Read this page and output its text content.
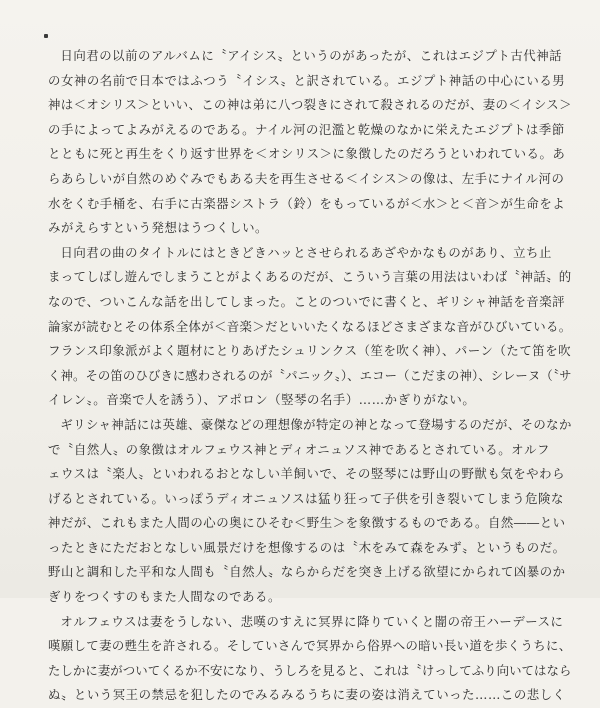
日向君の以前のアルバムに〝アイシス〟というのがあったが、これはエジプト古代神話
の女神の名前で日本ではふつう〝イシス〟と訳されている。エジプト神話の中心にいる男
神は＜オシリス＞といい、この神は弟に八つ裂きにされて殺されるのだが、妻の＜イシス＞
の手によってよみがえるのである。ナイル河の氾濫と乾燥のなかに栄えたエジプトは季節
とともに死と再生をくり返す世界を＜オシリス＞に象徴したのだろうといわれている。あ
らあらしいが自然のめぐみでもある夫を再生させる＜イシス＞の像は、左手にナイル河の
水をくむ手桶を、右手に古楽器シストラ（鈴）をもっているが＜水＞と＜音＞が生命をよ
みがえらすという発想はうつくしい。
日向君の曲のタイトルにはときどきハッとさせられるあざやかなものがあり、立ち止
まってしばし遊んでしまうことがよくあるのだが、こういう言葉の用法はいわば〝神話〟的
なので、ついこんな話を出してしまった。ことのついでに書くと、ギリシャ神話を音楽評
論家が読むとその体系全体が＜音楽＞だといいたくなるほどさまざまな音がひびいている。
フランス印象派がよく題材にとりあげたシュリンクス（笙を吹く神）、パーン（たて笛を吹
く神。その笛のひびきに感わされるのが〝パニック〟）、エコー（こだまの神）、シレーヌ（〝サ
イレン〟。音楽で人を誘う）、アポロン（竪琴の名手）……かぎりがない。
ギリシャ神話には英雄、豪傑などの理想像が特定の神となって登場するのだが、そのなか
で〝自然人〟の象徴はオルフェウス神とディオニュソス神であるとされている。オルフ
ェウスは〝楽人〟といわれるおとなしい羊飼いで、その竪琴には野山の野獣も気をやわら
げるとされている。いっぽうディオニュソスは猛り狂って子供を引き裂いてしまう危険な
神だが、これもまた人間の心の奥にひそむ＜野生＞を象徴するものである。自然――とい
ったときにただおとなしい風景だけを想像するのは〝木をみて森をみず〟というものだ。
野山と調和した平和な人間も〝自然人〟ならからだを突き上げる欲望にかられて凶暴のか
ぎりをつくすのもまた人間なのである。
オルフェウスは妻をうしない、悲嘆のすえに冥界に降りていくと闇の帝王ハーデースに
嘆願して妻の甦生を許される。そしていさんで冥界から俗界への暗い長い道を歩くうちに、
たしかに妻がついてくるか不安になり、うしろを見ると、これは〝けっしてふり向いてはなら
ぬ〟という冥王の禁忌を犯したのでみるみるうちに妻の姿は消えていった……この悲しく
